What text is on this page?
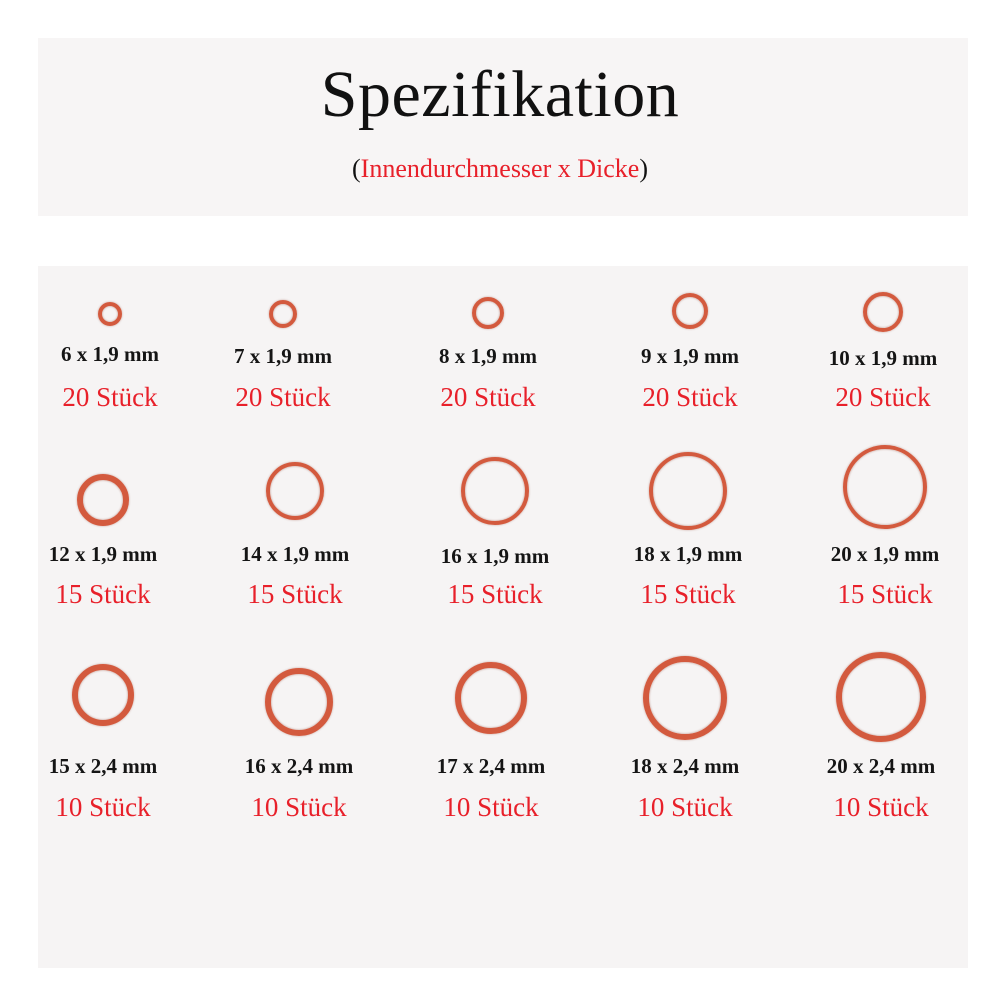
Spezifikation
(Innendurchmesser x Dicke)
6 x 1,9 mm
20 Stück
7 x 1,9 mm
20 Stück
8 x 1,9 mm
20 Stück
9 x 1,9 mm
20 Stück
10 x 1,9 mm
20 Stück
12 x 1,9 mm
15 Stück
14 x 1,9 mm
15 Stück
16 x 1,9 mm
15 Stück
18 x 1,9 mm
15 Stück
20 x 1,9 mm
15 Stück
15 x 2,4 mm
10 Stück
16 x 2,4 mm
10 Stück
17 x 2,4 mm
10 Stück
18 x 2,4 mm
10 Stück
20 x 2,4 mm
10 Stück
